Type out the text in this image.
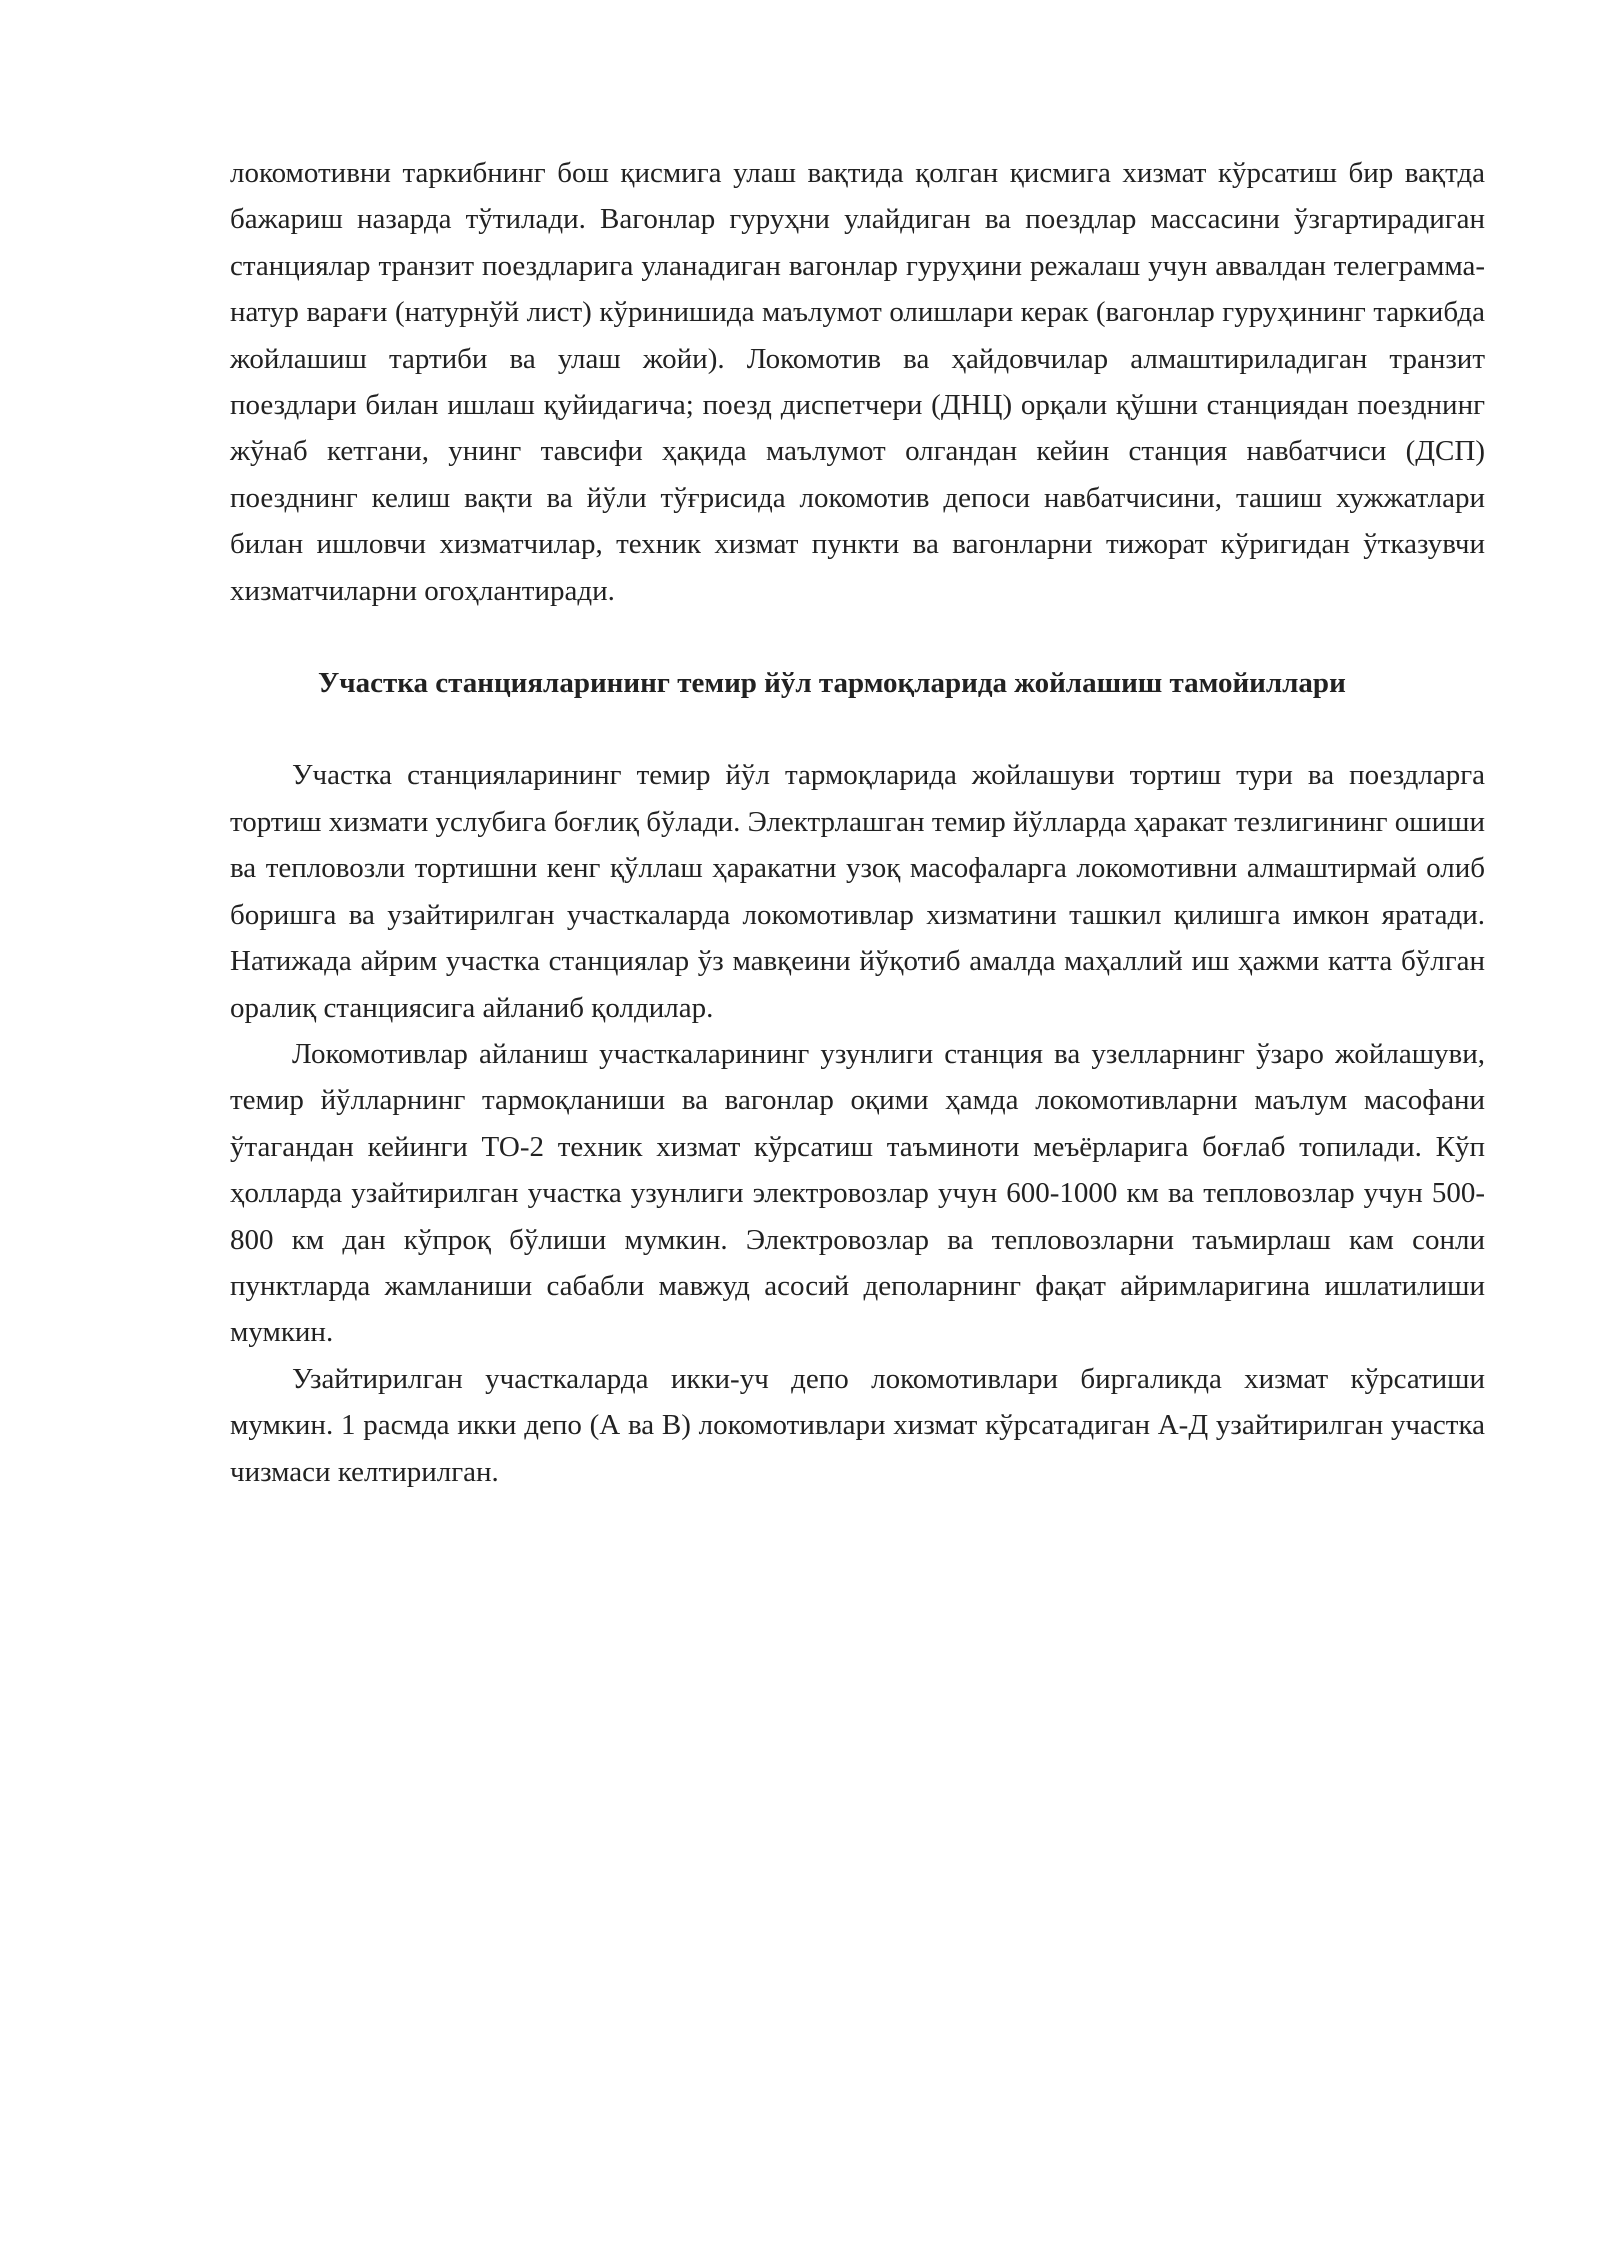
локомотивни таркибнинг бош қисмига улаш вақтида қолган қисмига хизмат кўрсатиш бир вақтда бажариш назарда тўтилади. Вагонлар гуруҳни улайдиган ва поездлар массасини ўзгартирадиган станциялар транзит поездларига уланадиган вагонлар гуруҳини режалаш учун аввалдан телеграмма-натур варағи (натурнўй лист) кўринишида маълумот олишлари керак (вагонлар гуруҳининг таркибда жойлашиш тартиби ва улаш жойи). Локомотив ва ҳайдовчилар алмаштириладиган транзит поездлари билан ишлаш қуйидагича; поезд диспетчери (ДНЦ) орқали қўшни станциядан поезднинг жўнаб кетгани, унинг тавсифи ҳақида маълумот олгандан кейин станция навбатчиси (ДСП) поезднинг келиш вақти ва йўли тўғрисида локомотив депоси навбатчисини, ташиш хужжатлари билан ишловчи хизматчилар, техник хизмат пункти ва вагонларни тижорат кўригидан ўтказувчи хизматчиларни огоҳлантиради.

Участка станцияларининг темир йўл тармоқларида жойлашиш тамойиллари

Участка станцияларининг темир йўл тармоқларида жойлашуви тортиш тури ва поездларга тортиш хизмати услубига боғлиқ бўлади. Электрлашган темир йўлларда ҳаракат тезлигининг ошиши ва тепловозли тортишни кенг қўллаш ҳаракатни узоқ масофаларга локомотивни алмаштирмай олиб боришга ва узайтирилган участкаларда локомотивлар хизматини ташкил қилишга имкон яратади. Натижада айрим участка станциялар ўз мавқеини йўқотиб амалда маҳаллий иш ҳажми катта бўлган оралиқ станциясига айланиб қолдилар.

Локомотивлар айланиш участкаларининг узунлиги станция ва узелларнинг ўзаро жойлашуви, темир йўлларнинг тармоқланиши ва вагонлар оқими ҳамда локомотивларни маълум масофани ўтагандан кейинги ТО-2 техник хизмат кўрсатиш таъминоти меъёрларига боғлаб топилади. Кўп ҳолларда узайтирилган участка узунлиги электровозлар учун 600-1000 км ва тепловозлар учун 500-800 км дан кўпроқ бўлиши мумкин. Электровозлар ва тепловозларни таъмирлаш кам сонли пунктларда жамланиши сабабли мавжуд асосий деполарнинг фақат айримларигина ишлатилиши мумкин.

Узайтирилган участкаларда икки-уч депо локомотивлари биргаликда хизмат кўрсатиши мумкин. 1 расмда икки депо (А ва В) локомотивлари хизмат кўрсатадиган А-Д узайтирилган участка чизмаси келтирилган.
